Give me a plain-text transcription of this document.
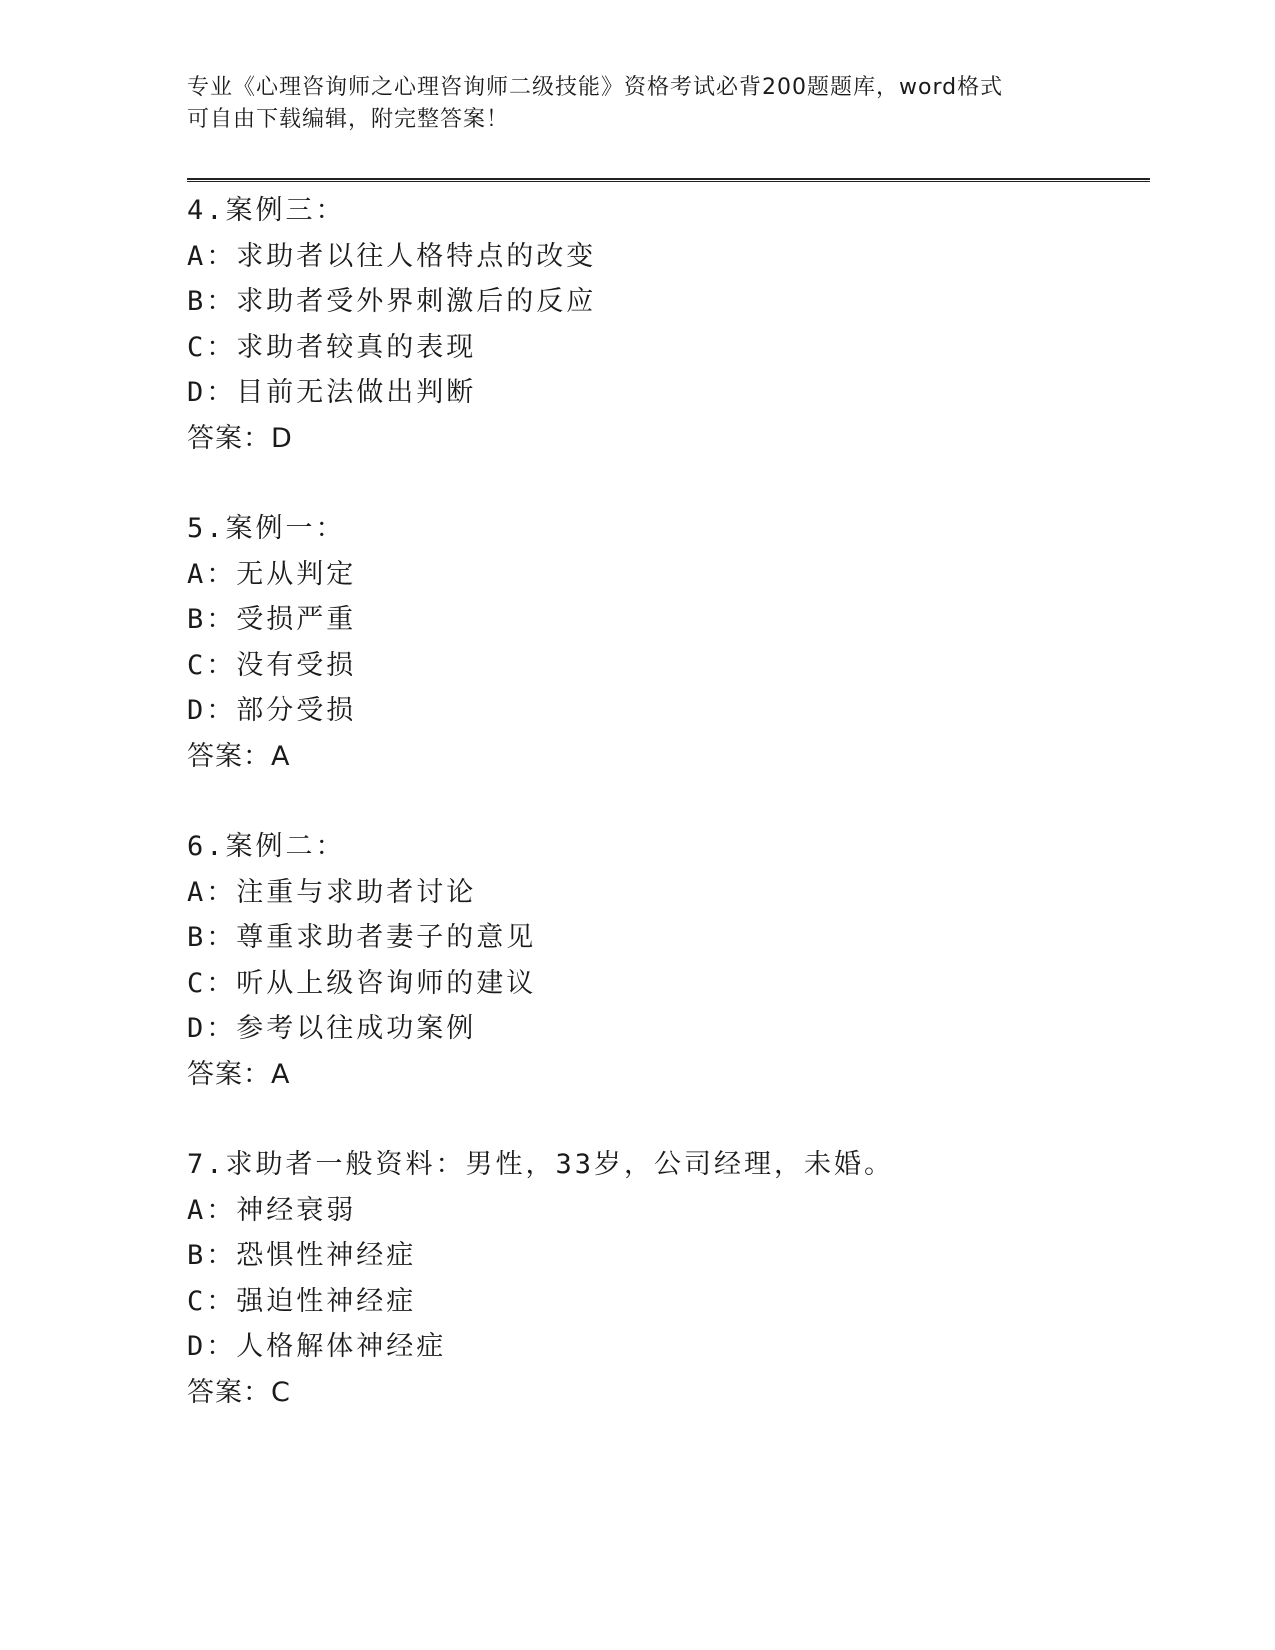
专业《心理咨询师之心理咨询师二级技能》资格考试必背200题题库，word格式
可自由下载编辑，附完整答案！
4.案例三：
A：求助者以往人格特点的改变
B：求助者受外界刺激后的反应
C：求助者较真的表现
D：目前无法做出判断
答案：D
5.案例一：
A：无从判定
B：受损严重
C：没有受损
D：部分受损
答案：A
6.案例二：
A：注重与求助者讨论
B：尊重求助者妻子的意见
C：听从上级咨询师的建议
D：参考以往成功案例
答案：A
7.求助者一般资料：男性，33岁，公司经理，未婚。
A：神经衰弱
B：恐惧性神经症
C：强迫性神经症
D：人格解体神经症
答案：C
